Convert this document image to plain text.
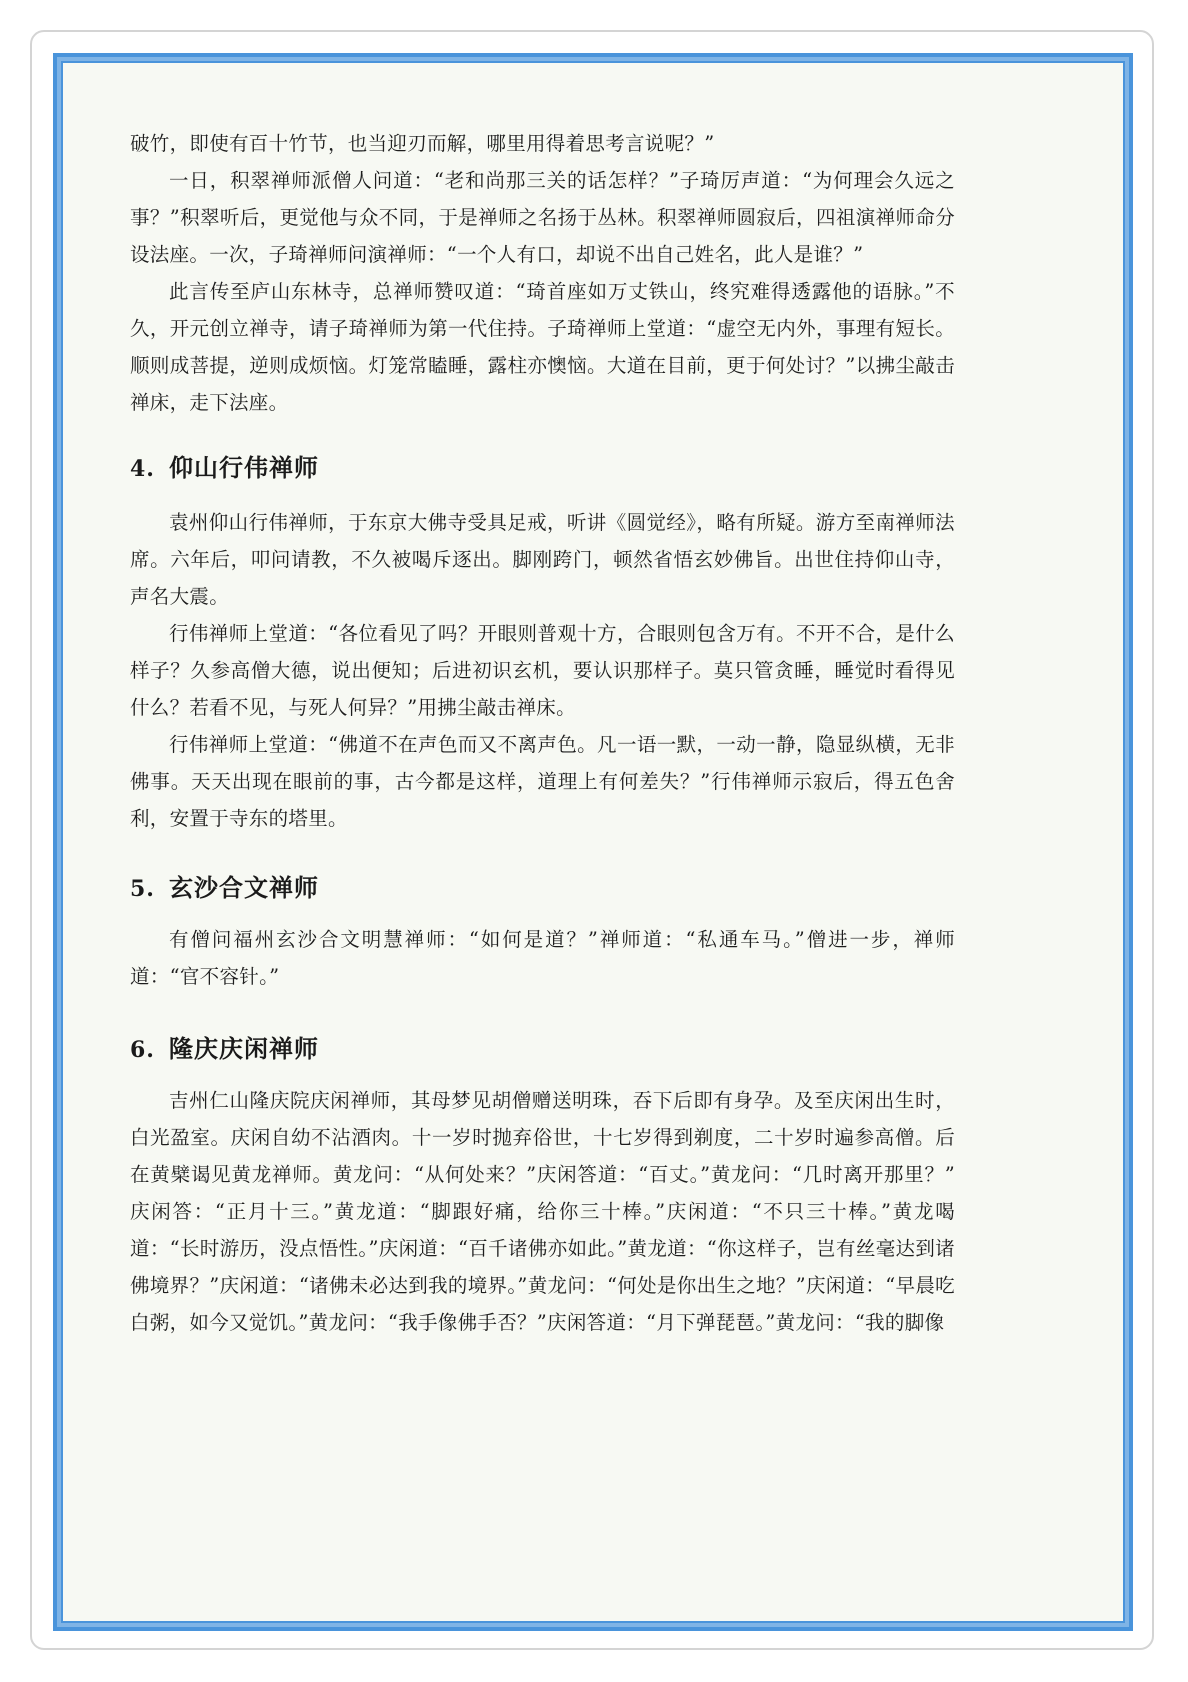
破竹，即使有百十竹节，也当迎刃而解，哪里用得着思考言说呢？”

一日，积翠禅师派僧人问道：“老和尚那三关的话怎样？”子琦厉声道：“为何理会久远之事？”积翠听后，更觉他与众不同，于是禅师之名扬于丛林。积翠禅师圆寂后，四祖演禅师命分设法座。一次，子琦禅师问演禅师：“一个人有口，却说不出自己姓名，此人是谁？”

此言传至庐山东林寺，总禅师赞叹道：“琦首座如万丈铁山，终究难得透露他的语脉。”不久，开元创立禅寺，请子琦禅师为第一代住持。子琦禅师上堂道：“虚空无内外，事理有短长。顺则成菩提，逆则成烦恼。灯笼常瞌睡，露柱亦懊恼。大道在目前，更于何处讨？”以拂尘敲击禅床，走下法座。

4. 仰山行伟禅师

袁州仰山行伟禅师，于东京大佛寺受具足戒，听讲《圆觉经》，略有所疑。游方至南禅师法席。六年后，叩问请教，不久被喝斥逐出。脚刚跨门，顿然省悟玄妙佛旨。出世住持仰山寺，声名大震。

行伟禅师上堂道：“各位看见了吗？开眼则普观十方，合眼则包含万有。不开不合，是什么样子？久参高僧大德，说出便知；后进初识玄机，要认识那样子。莫只管贪睡，睡觉时看得见什么？若看不见，与死人何异？”用拂尘敲击禅床。

行伟禅师上堂道：“佛道不在声色而又不离声色。凡一语一默，一动一静，隐显纵横，无非佛事。天天出现在眼前的事，古今都是这样，道理上有何差失？”行伟禅师示寂后，得五色舍利，安置于寺东的塔里。

5. 玄沙合文禅师

有僧问福州玄沙合文明慧禅师：“如何是道？”禅师道：“私通车马。”僧进一步，禅师道：“官不容针。”

6. 隆庆庆闲禅师

吉州仁山隆庆院庆闲禅师，其母梦见胡僧赠送明珠，吞下后即有身孕。及至庆闲出生时，白光盈室。庆闲自幼不沾酒肉。十一岁时抛弃俗世，十七岁得到剃度，二十岁时遍参高僧。后在黄檗谒见黄龙禅师。黄龙问：“从何处来？”庆闲答道：“百丈。”黄龙问：“几时离开那里？” 庆闲答：“正月十三。”黄龙道：“脚跟好痛，给你三十棒。”庆闲道：“不只三十棒。”黄龙喝道：“长时游历，没点悟性。”庆闲道：“百千诸佛亦如此。”黄龙道：“你这样子，岂有丝毫达到诸佛境界？”庆闲道：“诸佛未必达到我的境界。”黄龙问：“何处是你出生之地？”庆闲道：“早晨吃白粥，如今又觉饥。”黄龙问：“我手像佛手否？”庆闲答道：“月下弹琵琶。”黄龙问：“我的脚像
